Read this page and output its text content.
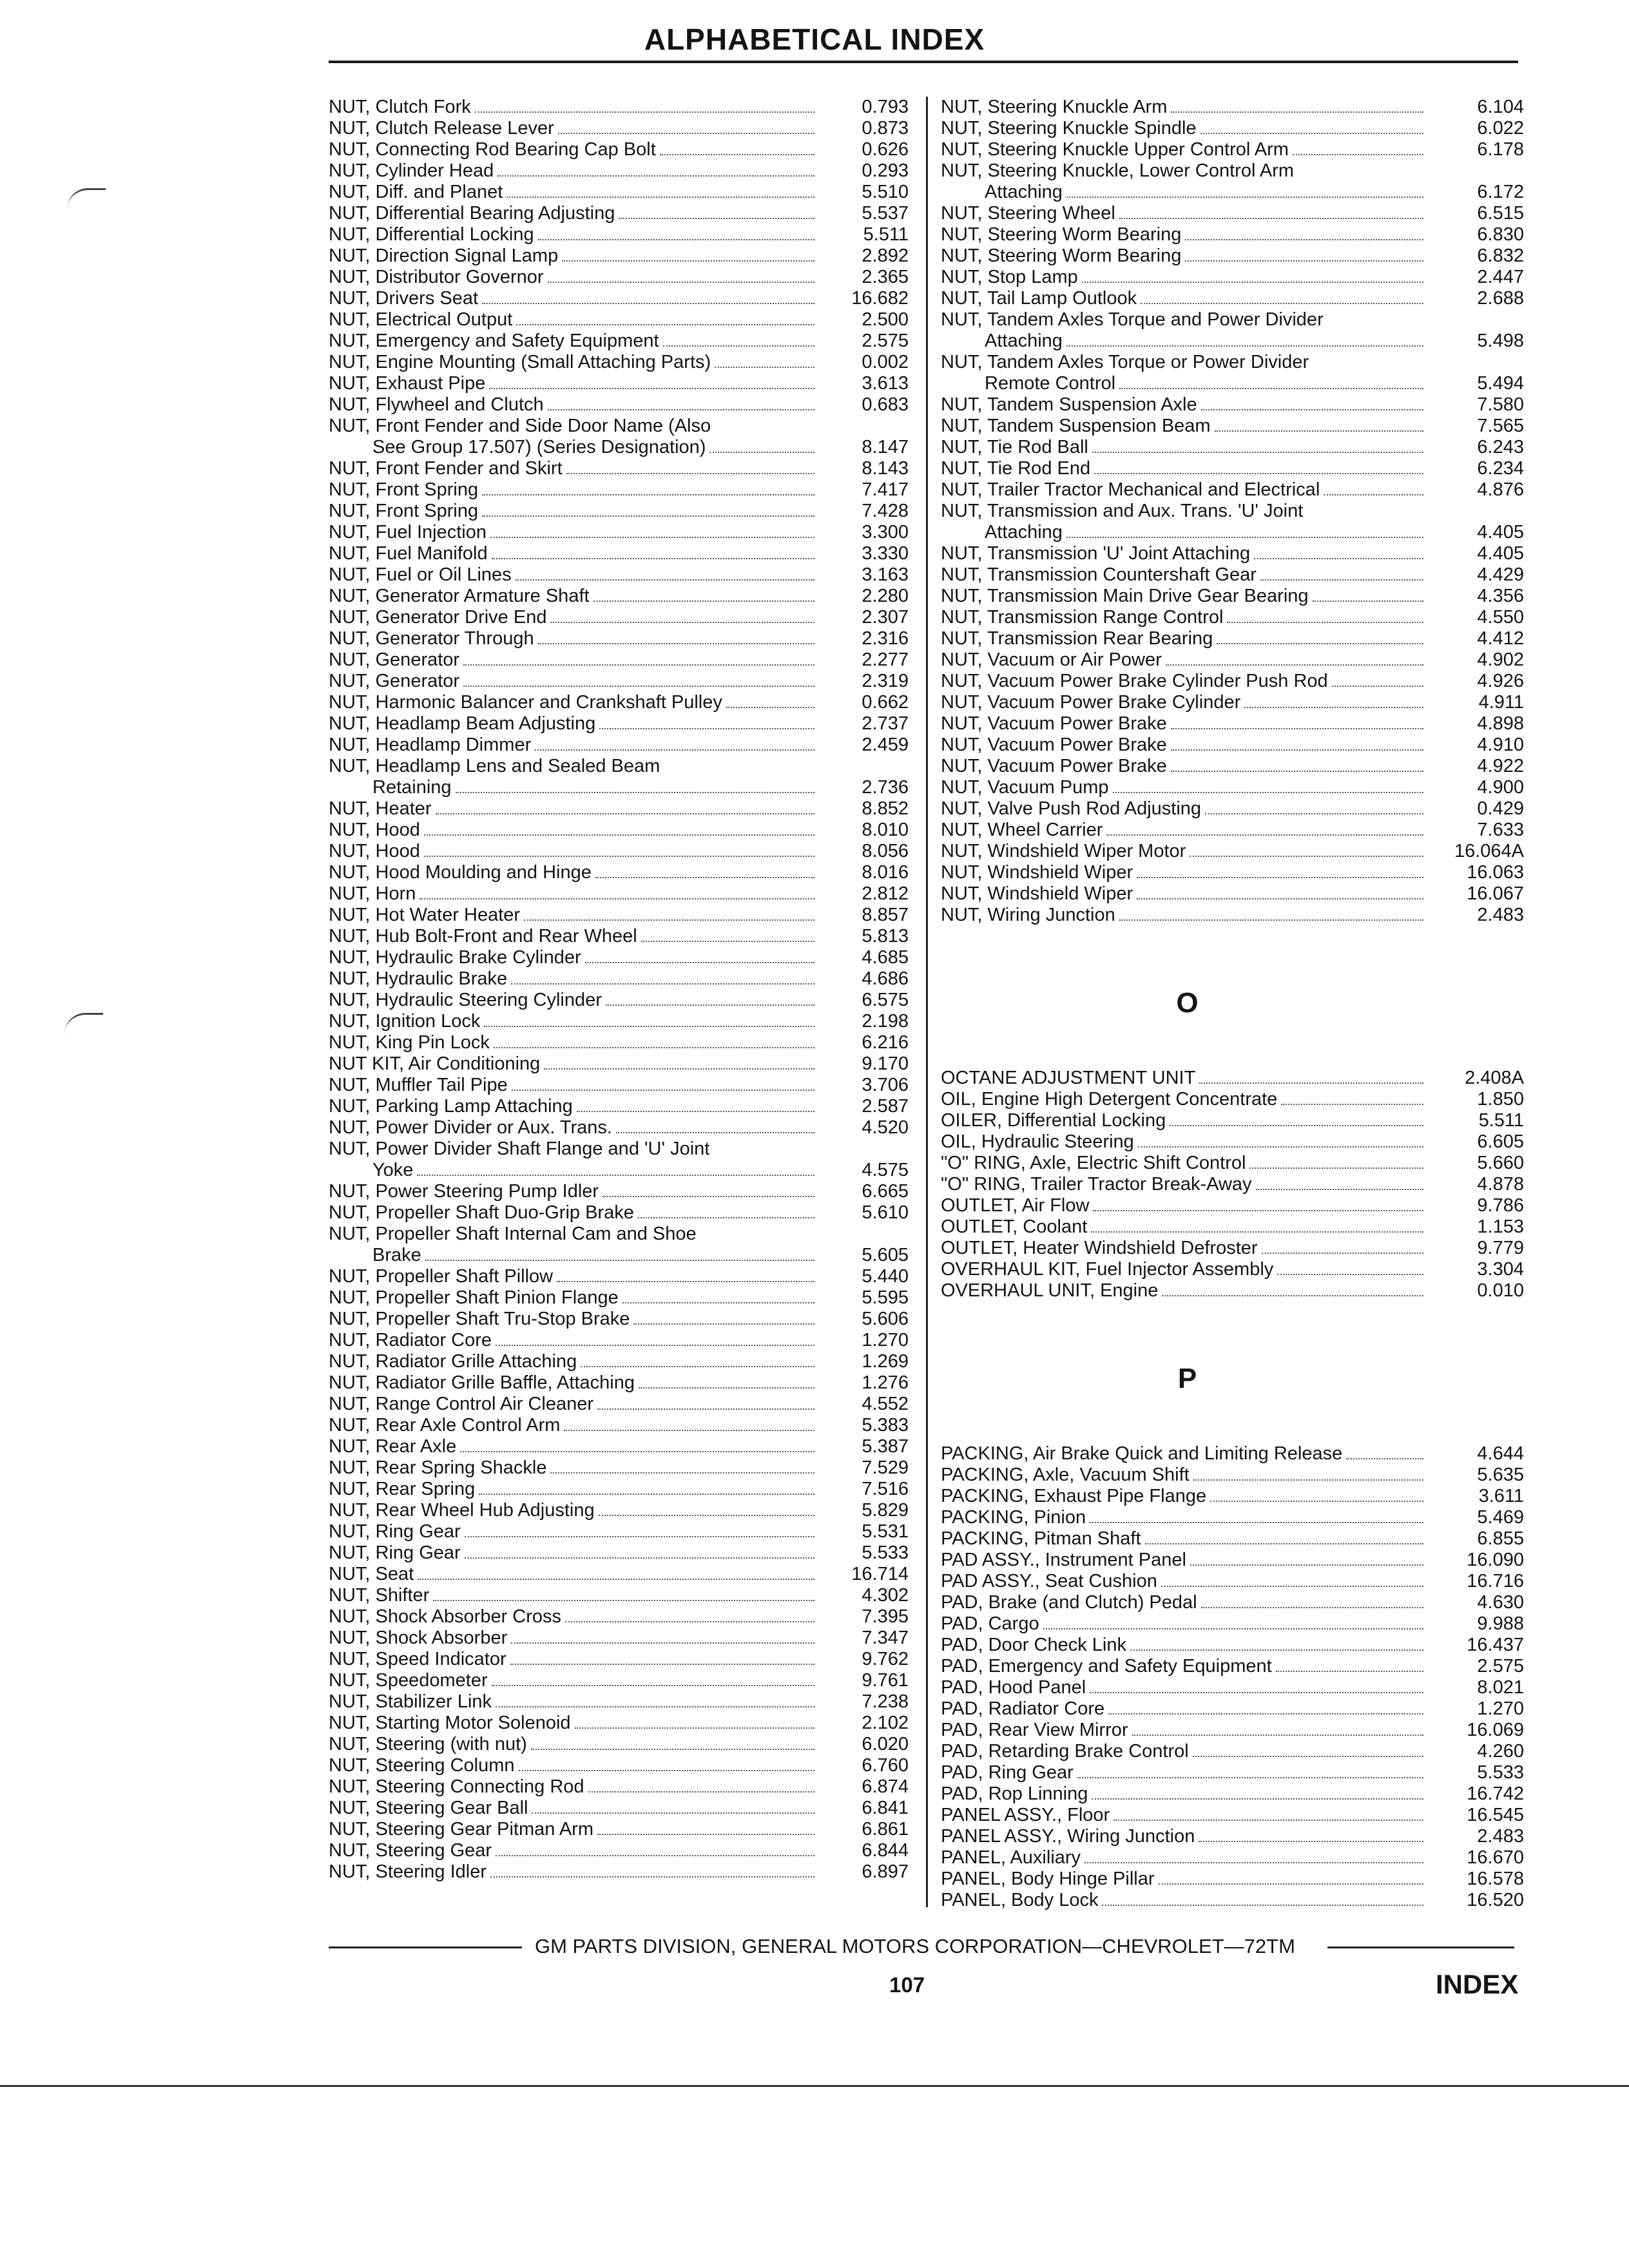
ALPHABETICAL INDEX
NUT, Clutch Fork	0.793
NUT, Clutch Release Lever	0.873
NUT, Connecting Rod Bearing Cap Bolt	0.626
NUT, Cylinder Head	0.293
NUT, Diff. and Planet	5.510
NUT, Differential Bearing Adjusting	5.537
NUT, Differential Locking	5.511
NUT, Direction Signal Lamp	2.892
NUT, Distributor Governor	2.365
NUT, Drivers Seat	16.682
NUT, Electrical Output	2.500
NUT, Emergency and Safety Equipment	2.575
NUT, Engine Mounting (Small Attaching Parts)	0.002
NUT, Exhaust Pipe	3.613
NUT, Flywheel and Clutch	0.683
NUT, Front Fender and Side Door Name (Also
See Group 17.507) (Series Designation)	8.147
NUT, Front Fender and Skirt	8.143
NUT, Front Spring	7.417
NUT, Front Spring	7.428
NUT, Fuel Injection	3.300
NUT, Fuel Manifold	3.330
NUT, Fuel or Oil Lines	3.163
NUT, Generator Armature Shaft	2.280
NUT, Generator Drive End	2.307
NUT, Generator Through	2.316
NUT, Generator	2.277
NUT, Generator	2.319
NUT, Harmonic Balancer and Crankshaft Pulley	0.662
NUT, Headlamp Beam Adjusting	2.737
NUT, Headlamp Dimmer	2.459
NUT, Headlamp Lens and Sealed Beam
Retaining	2.736
NUT, Heater	8.852
NUT, Hood	8.010
NUT, Hood	8.056
NUT, Hood Moulding and Hinge	8.016
NUT, Horn	2.812
NUT, Hot Water Heater	8.857
NUT, Hub Bolt-Front and Rear Wheel	5.813
NUT, Hydraulic Brake Cylinder	4.685
NUT, Hydraulic Brake	4.686
NUT, Hydraulic Steering Cylinder	6.575
NUT, Ignition Lock	2.198
NUT, King Pin Lock	6.216
NUT KIT, Air Conditioning	9.170
NUT, Muffler Tail Pipe	3.706
NUT, Parking Lamp Attaching	2.587
NUT, Power Divider or Aux. Trans.	4.520
NUT, Power Divider Shaft Flange and 'U' Joint
Yoke	4.575
NUT, Power Steering Pump Idler	6.665
NUT, Propeller Shaft Duo-Grip Brake	5.610
NUT, Propeller Shaft Internal Cam and Shoe
Brake	5.605
NUT, Propeller Shaft Pillow	5.440
NUT, Propeller Shaft Pinion Flange	5.595
NUT, Propeller Shaft Tru-Stop Brake	5.606
NUT, Radiator Core	1.270
NUT, Radiator Grille Attaching	1.269
NUT, Radiator Grille Baffle, Attaching	1.276
NUT, Range Control Air Cleaner	4.552
NUT, Rear Axle Control Arm	5.383
NUT, Rear Axle	5.387
NUT, Rear Spring Shackle	7.529
NUT, Rear Spring	7.516
NUT, Rear Wheel Hub Adjusting	5.829
NUT, Ring Gear	5.531
NUT, Ring Gear	5.533
NUT, Seat	16.714
NUT, Shifter	4.302
NUT, Shock Absorber Cross	7.395
NUT, Shock Absorber	7.347
NUT, Speed Indicator	9.762
NUT, Speedometer	9.761
NUT, Stabilizer Link	7.238
NUT, Starting Motor Solenoid	2.102
NUT, Steering (with nut)	6.020
NUT, Steering Column	6.760
NUT, Steering Connecting Rod	6.874
NUT, Steering Gear Ball	6.841
NUT, Steering Gear Pitman Arm	6.861
NUT, Steering Gear	6.844
NUT, Steering Idler	6.897
NUT, Steering Knuckle Arm	6.104
NUT, Steering Knuckle Spindle	6.022
NUT, Steering Knuckle Upper Control Arm	6.178
NUT, Steering Knuckle, Lower Control Arm
Attaching	6.172
NUT, Steering Wheel	6.515
NUT, Steering Worm Bearing	6.830
NUT, Steering Worm Bearing	6.832
NUT, Stop Lamp	2.447
NUT, Tail Lamp Outlook	2.688
NUT, Tandem Axles Torque and Power Divider
Attaching	5.498
NUT, Tandem Axles Torque or Power Divider
Remote Control	5.494
NUT, Tandem Suspension Axle	7.580
NUT, Tandem Suspension Beam	7.565
NUT, Tie Rod Ball	6.243
NUT, Tie Rod End	6.234
NUT, Trailer Tractor Mechanical and Electrical	4.876
NUT, Transmission and Aux. Trans. 'U' Joint
Attaching	4.405
NUT, Transmission 'U' Joint Attaching	4.405
NUT, Transmission Countershaft Gear	4.429
NUT, Transmission Main Drive Gear Bearing	4.356
NUT, Transmission Range Control	4.550
NUT, Transmission Rear Bearing	4.412
NUT, Vacuum or Air Power	4.902
NUT, Vacuum Power Brake Cylinder Push Rod	4.926
NUT, Vacuum Power Brake Cylinder	4.911
NUT, Vacuum Power Brake	4.898
NUT, Vacuum Power Brake	4.910
NUT, Vacuum Power Brake	4.922
NUT, Vacuum Pump	4.900
NUT, Valve Push Rod Adjusting	0.429
NUT, Wheel Carrier	7.633
NUT, Windshield Wiper Motor	16.064A
NUT, Windshield Wiper	16.063
NUT, Windshield Wiper	16.067
NUT, Wiring Junction	2.483
O
OCTANE ADJUSTMENT UNIT	2.408A
OIL, Engine High Detergent Concentrate	1.850
OILER, Differential Locking	5.511
OIL, Hydraulic Steering	6.605
"O" RING, Axle, Electric Shift Control	5.660
"O" RING, Trailer Tractor Break-Away	4.878
OUTLET, Air Flow	9.786
OUTLET, Coolant	1.153
OUTLET, Heater Windshield Defroster	9.779
OVERHAUL KIT, Fuel Injector Assembly	3.304
OVERHAUL UNIT, Engine	0.010
P
PACKING, Air Brake Quick and Limiting Release	4.644
PACKING, Axle, Vacuum Shift	5.635
PACKING, Exhaust Pipe Flange	3.611
PACKING, Pinion	5.469
PACKING, Pitman Shaft	6.855
PAD ASSY., Instrument Panel	16.090
PAD ASSY., Seat Cushion	16.716
PAD, Brake (and Clutch) Pedal	4.630
PAD, Cargo	9.988
PAD, Door Check Link	16.437
PAD, Emergency and Safety Equipment	2.575
PAD, Hood Panel	8.021
PAD, Radiator Core	1.270
PAD, Rear View Mirror	16.069
PAD, Retarding Brake Control	4.260
PAD, Ring Gear	5.533
PAD, Rop Linning	16.742
PANEL ASSY., Floor	16.545
PANEL ASSY., Wiring Junction	2.483
PANEL, Auxiliary	16.670
PANEL, Body Hinge Pillar	16.578
PANEL, Body Lock	16.520
GM PARTS DIVISION, GENERAL MOTORS CORPORATION—CHEVROLET—72TM
107	INDEX
